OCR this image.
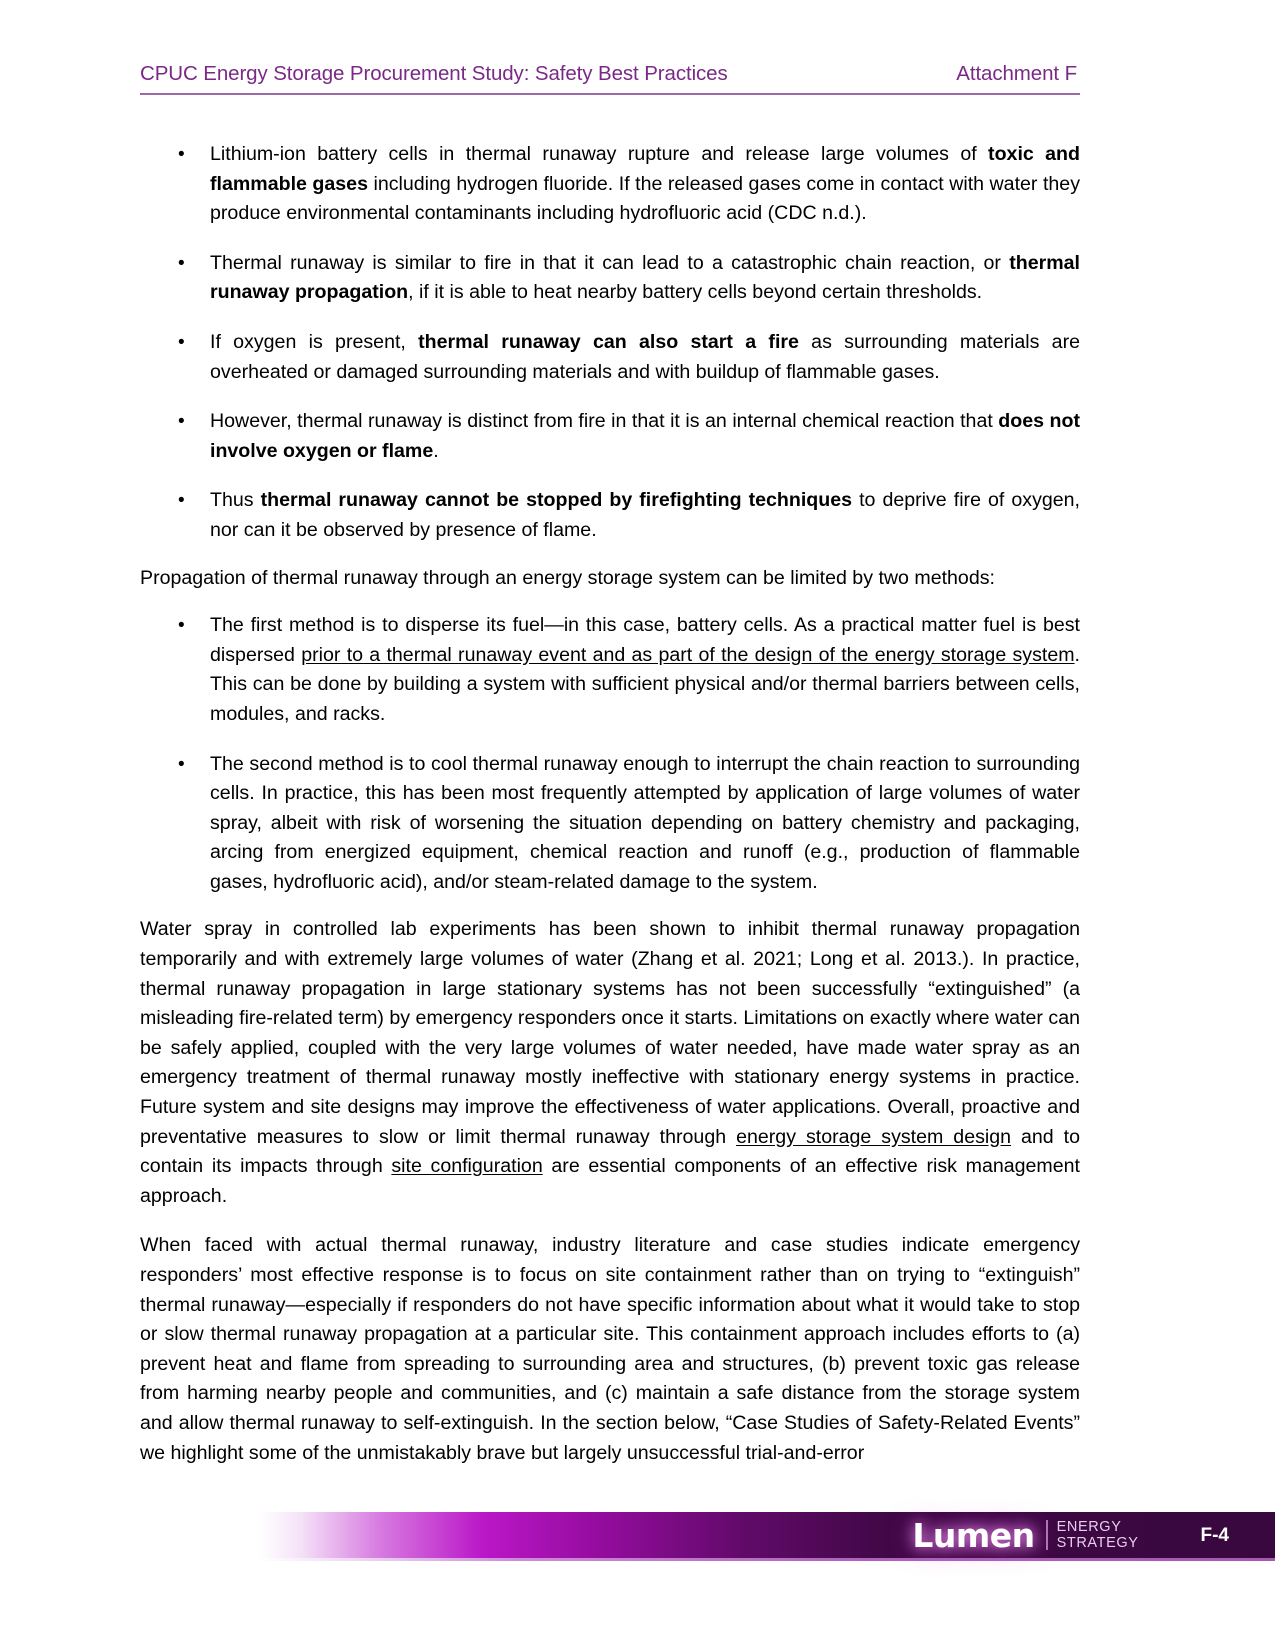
CPUC Energy Storage Procurement Study: Safety Best Practices	Attachment F
• Lithium-ion battery cells in thermal runaway rupture and release large volumes of toxic and flammable gases including hydrogen fluoride. If the released gases come in contact with water they produce environmental contaminants including hydrofluoric acid (CDC n.d.).
• Thermal runaway is similar to fire in that it can lead to a catastrophic chain reaction, or thermal runaway propagation, if it is able to heat nearby battery cells beyond certain thresholds.
• If oxygen is present, thermal runaway can also start a fire as surrounding materials are overheated or damaged surrounding materials and with buildup of flammable gases.
• However, thermal runaway is distinct from fire in that it is an internal chemical reaction that does not involve oxygen or flame.
• Thus thermal runaway cannot be stopped by firefighting techniques to deprive fire of oxygen, nor can it be observed by presence of flame.

Propagation of thermal runaway through an energy storage system can be limited by two methods:

• The first method is to disperse its fuel—in this case, battery cells. As a practical matter fuel is best dispersed prior to a thermal runaway event and as part of the design of the energy storage system. This can be done by building a system with sufficient physical and/or thermal barriers between cells, modules, and racks.
• The second method is to cool thermal runaway enough to interrupt the chain reaction to surrounding cells. In practice, this has been most frequently attempted by application of large volumes of water spray, albeit with risk of worsening the situation depending on battery chemistry and packaging, arcing from energized equipment, chemical reaction and runoff (e.g., production of flammable gases, hydrofluoric acid), and/or steam-related damage to the system.

Water spray in controlled lab experiments has been shown to inhibit thermal runaway propagation temporarily and with extremely large volumes of water (Zhang et al. 2021; Long et al. 2013.). In practice, thermal runaway propagation in large stationary systems has not been successfully “extinguished” (a misleading fire-related term) by emergency responders once it starts. Limitations on exactly where water can be safely applied, coupled with the very large volumes of water needed, have made water spray as an emergency treatment of thermal runaway mostly ineffective with stationary energy systems in practice. Future system and site designs may improve the effectiveness of water applications. Overall, proactive and preventative measures to slow or limit thermal runaway through energy storage system design and to contain its impacts through site configuration are essential components of an effective risk management approach.

When faced with actual thermal runaway, industry literature and case studies indicate emergency responders’ most effective response is to focus on site containment rather than on trying to “extinguish” thermal runaway—especially if responders do not have specific information about what it would take to stop or slow thermal runaway propagation at a particular site. This containment approach includes efforts to (a) prevent heat and flame from spreading to surrounding area and structures, (b) prevent toxic gas release from harming nearby people and communities, and (c) maintain a safe distance from the storage system and allow thermal runaway to self-extinguish. In the section below, “Case Studies of Safety-Related Events” we highlight some of the unmistakably brave but largely unsuccessful trial-and-error

Lumen ENERGY
STRATEGY	F-4
